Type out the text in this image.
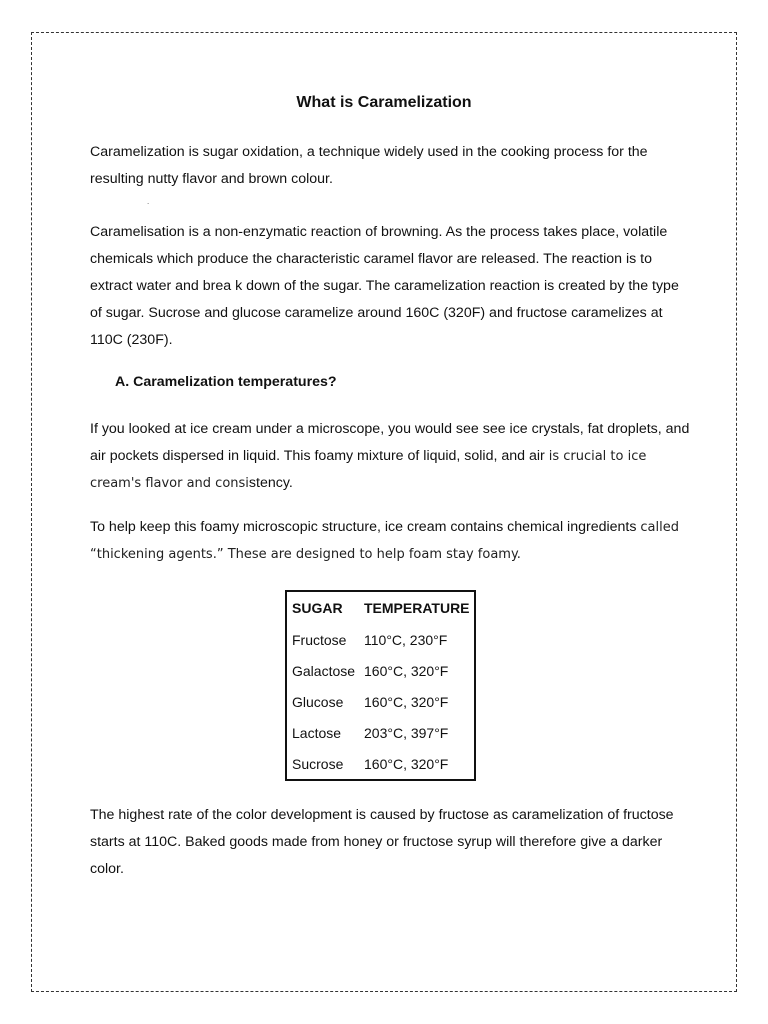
What is Caramelization

Caramelization is sugar oxidation, a technique widely used in the cooking process for the resulting nutty flavor and brown colour.

.

Caramelisation is a non-enzymatic reaction of browning. As the process takes place, volatile chemicals which produce the characteristic caramel flavor are released. The reaction is to extract water and brea k down of the sugar. The caramelization reaction is created by the type of sugar. Sucrose and glucose caramelize around 160C (320F) and fructose caramelizes at 110C (230F).

A. Caramelization temperatures?

If you looked at ice cream under a microscope, you would see see ice crystals, fat droplets, and air pockets dispersed in liquid. This foamy mixture of liquid, solid, and air is crucial to ice cream's flavor and consistency.

To help keep this foamy microscopic structure, ice cream contains chemical ingredients called “thickening agents.” These are designed to help foam stay foamy.

SUGAR	TEMPERATURE
Fructose	110°C, 230°F
Galactose	160°C, 320°F
Glucose	160°C, 320°F
Lactose	203°C, 397°F
Sucrose	160°C, 320°F

The highest rate of the color development is caused by fructose as caramelization of fructose starts at 110C. Baked goods made from honey or fructose syrup will therefore give a darker color.
